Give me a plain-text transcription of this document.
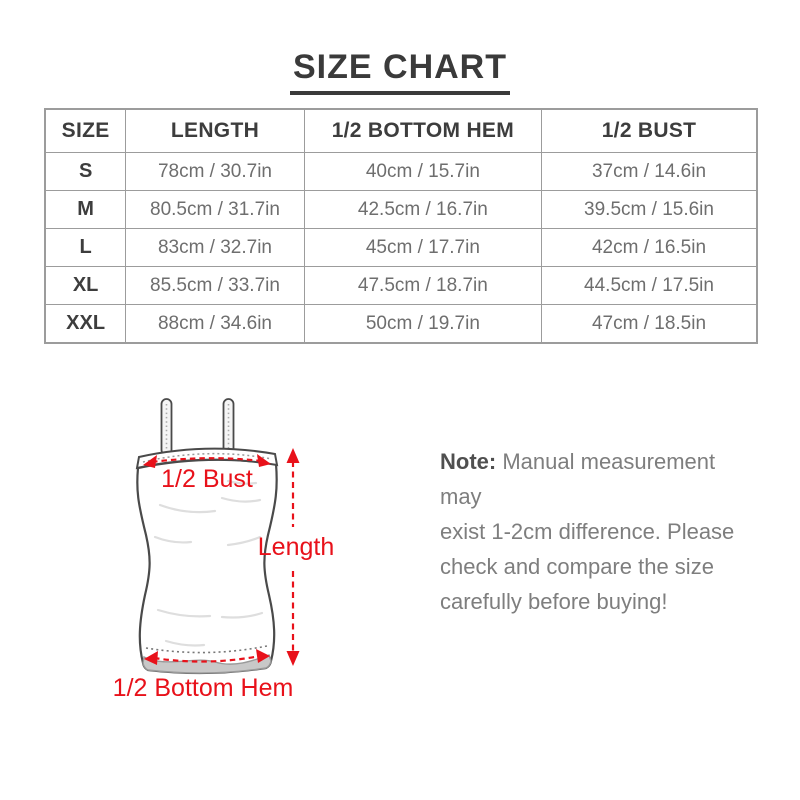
SIZE CHART
SIZE	LENGTH	1/2 BOTTOM HEM	1/2 BUST
S	78cm / 30.7in	40cm / 15.7in	37cm / 14.6in
M	80.5cm / 31.7in	42.5cm / 16.7in	39.5cm / 15.6in
L	83cm / 32.7in	45cm / 17.7in	42cm / 16.5in
XL	85.5cm / 33.7in	47.5cm / 18.7in	44.5cm / 17.5in
XXL	88cm / 34.6in	50cm / 19.7in	47cm / 18.5in
1/2 Bust
Length
1/2 Bottom Hem
Note: Manual measurement may
exist 1-2cm difference. Please
check and compare the size
carefully before buying!
